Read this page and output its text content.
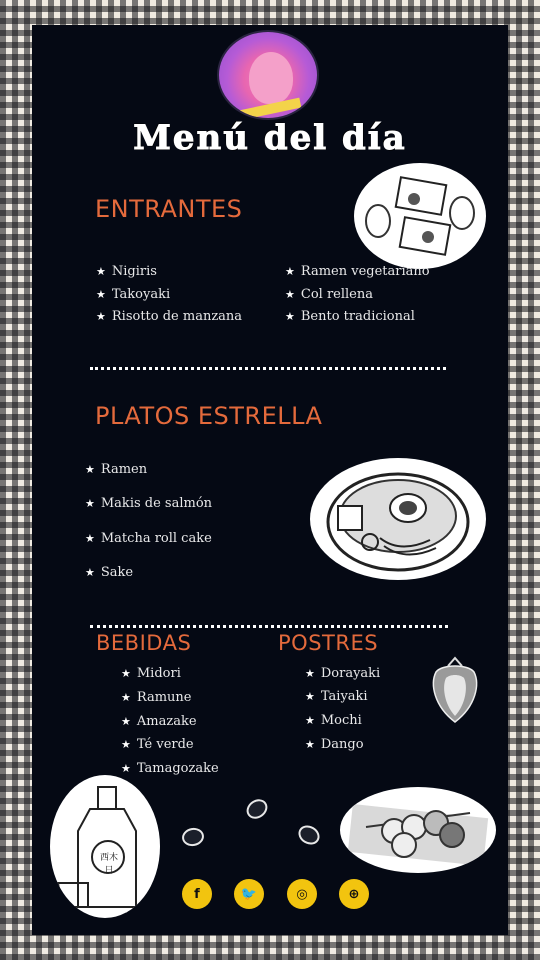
Menú del día
ENTRANTES
★ Nigiris
★ Takoyaki
★ Risotto de manzana
★ Ramen vegetariano
★ Col rellena
★ Bento tradicional
PLATOS ESTRELLA
★ Ramen
★ Makis de salmón
★ Matcha roll cake
★ Sake
BEBIDAS
★ Midori
★ Ramune
★ Amazake
★ Té verde
★ Tamagozake
POSTRES
★ Dorayaki
★ Taiyaki
★ Mochi
★ Dango
西木日
f	🐦	◎	⊕
